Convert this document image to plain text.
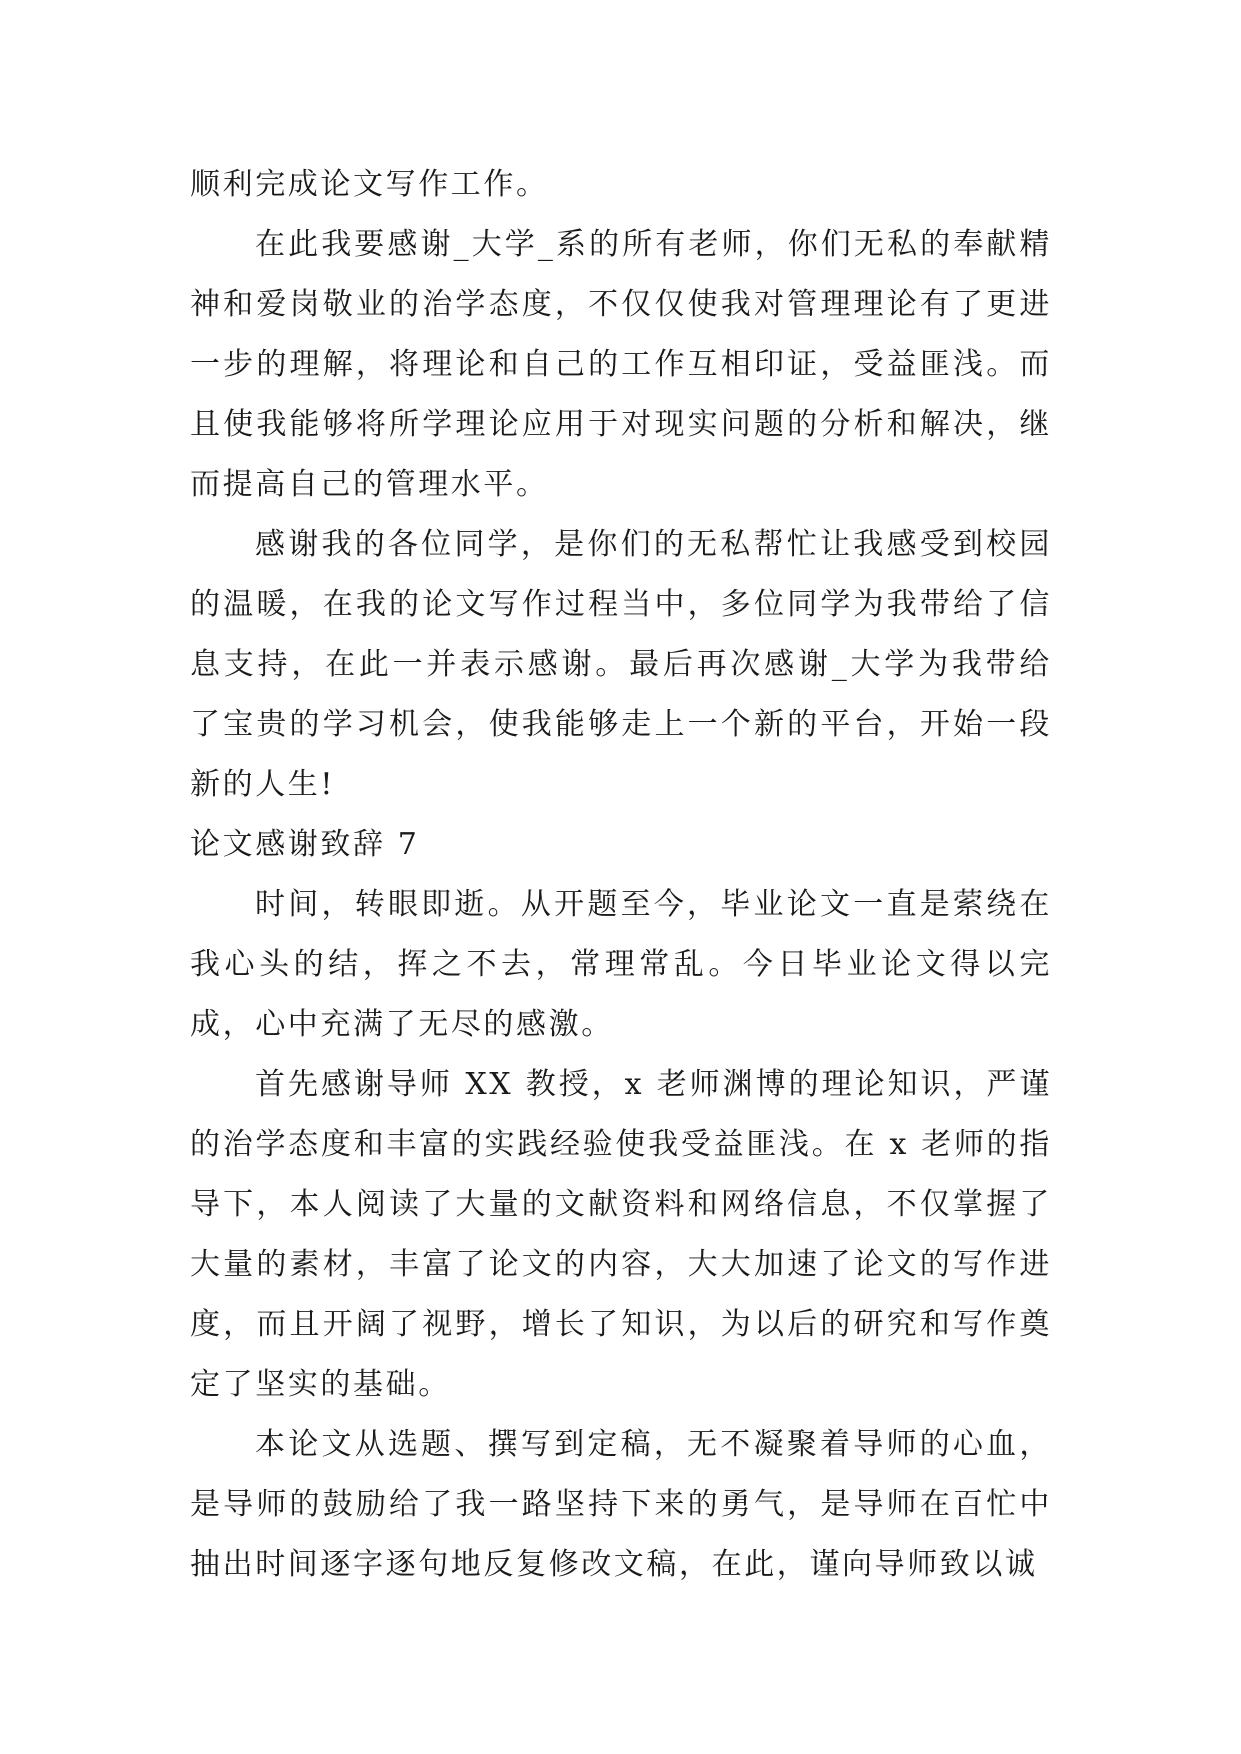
顺利完成论文写作工作。

在此我要感谢_大学_系的所有老师，你们无私的奉献精神和爱岗敬业的治学态度，不仅仅使我对管理理论有了更进一步的理解，将理论和自己的工作互相印证，受益匪浅。而且使我能够将所学理论应用于对现实问题的分析和解决，继而提高自己的管理水平。

感谢我的各位同学，是你们的无私帮忙让我感受到校园的温暖，在我的论文写作过程当中，多位同学为我带给了信息支持，在此一并表示感谢。最后再次感谢_大学为我带给了宝贵的学习机会，使我能够走上一个新的平台，开始一段新的人生!

论文感谢致辞 7

时间，转眼即逝。从开题至今，毕业论文一直是萦绕在我心头的结，挥之不去，常理常乱。今日毕业论文得以完成，心中充满了无尽的感激。

首先感谢导师 XX 教授，x 老师渊博的理论知识，严谨的治学态度和丰富的实践经验使我受益匪浅。在 x 老师的指导下，本人阅读了大量的文献资料和网络信息，不仅掌握了大量的素材，丰富了论文的内容，大大加速了论文的写作进度，而且开阔了视野，增长了知识，为以后的研究和写作奠定了坚实的基础。

本论文从选题、撰写到定稿，无不凝聚着导师的心血，是导师的鼓励给了我一路坚持下来的勇气，是导师在百忙中抽出时间逐字逐句地反复修改文稿，在此，谨向导师致以诚
